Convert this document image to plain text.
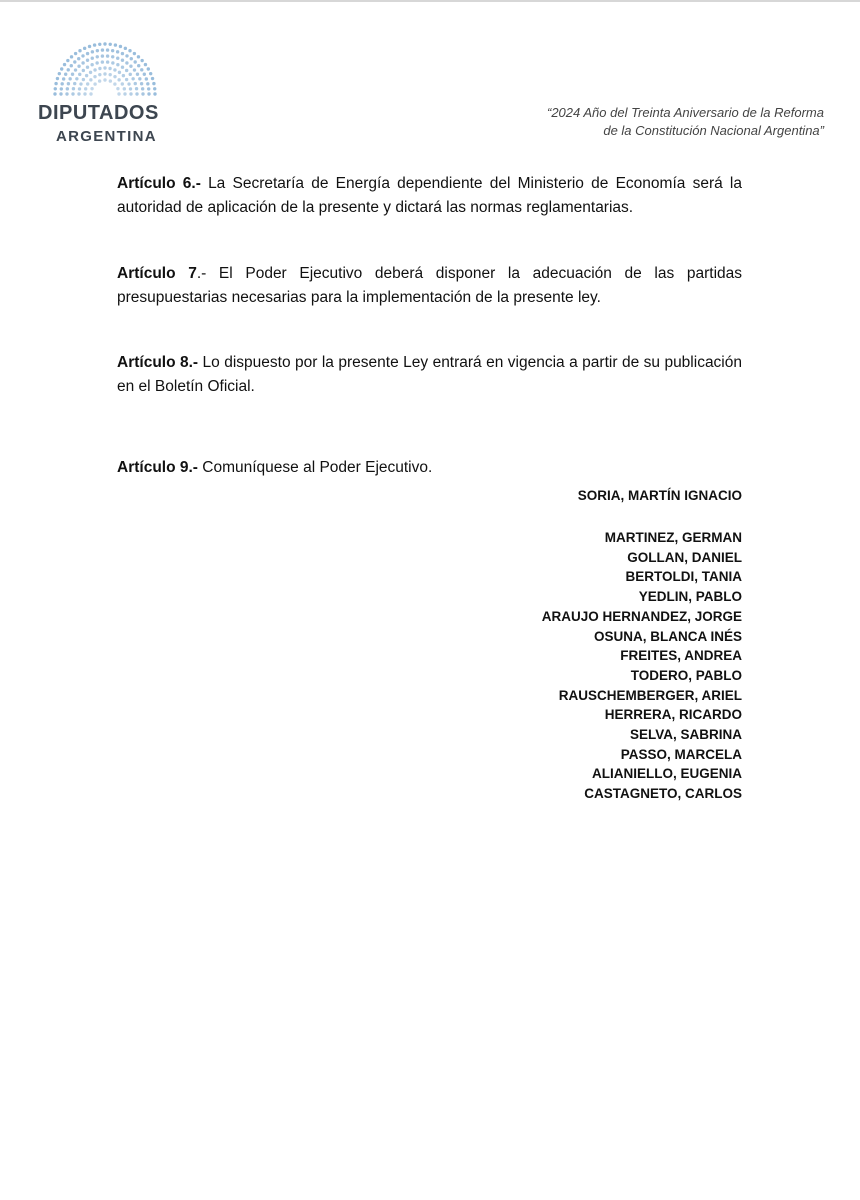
DIPUTADOS
ARGENTINA
“2024 Año del Treinta Aniversario de la Reforma
de la Constitución Nacional Argentina”

Artículo 6.- La Secretaría de Energía dependiente del Ministerio de Economía será la autoridad de aplicación de la presente y dictará las normas reglamentarias.

Artículo 7.- El Poder Ejecutivo deberá disponer la adecuación de las partidas presupuestarias necesarias para la implementación de la presente ley.

Artículo 8.- Lo dispuesto por la presente Ley entrará en vigencia a partir de su publicación en el Boletín Oficial.

Artículo 9.- Comuníquese al Poder Ejecutivo.

SORIA, MARTÍN IGNACIO
MARTINEZ, GERMAN
GOLLAN, DANIEL
BERTOLDI, TANIA
YEDLIN, PABLO
ARAUJO HERNANDEZ, JORGE
OSUNA, BLANCA INÉS
FREITES, ANDREA
TODERO, PABLO
RAUSCHEMBERGER, ARIEL
HERRERA, RICARDO
SELVA, SABRINA
PASSO, MARCELA
ALIANIELLO, EUGENIA
CASTAGNETO, CARLOS
